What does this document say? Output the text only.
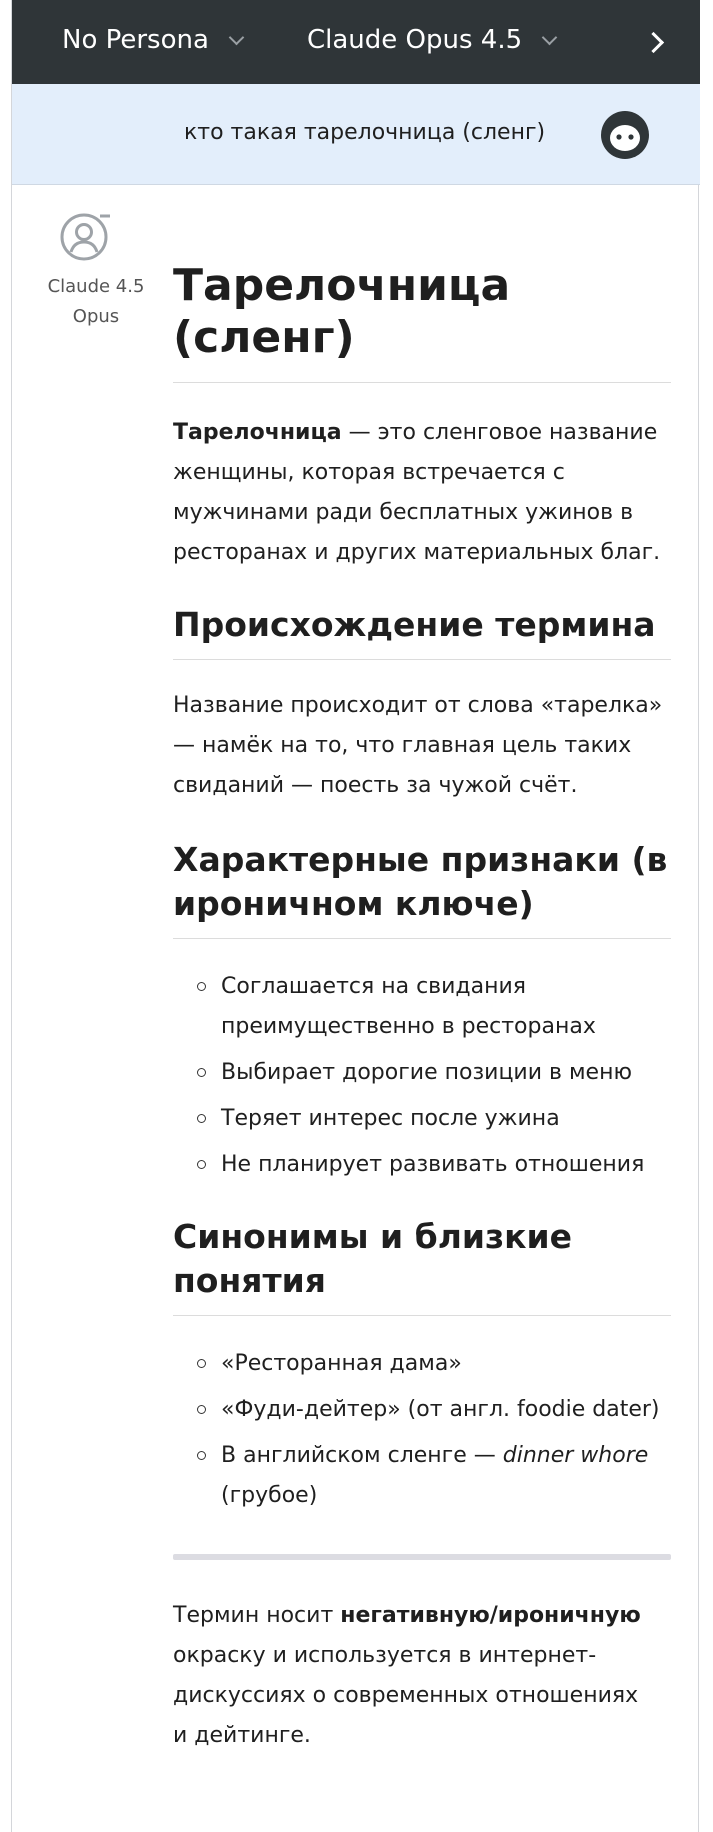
No Persona	Claude Opus 4.5
кто такая тарелочница (сленг)
Claude 4.5
Opus
Тарелочница
(сленг)

Тарелочница — это сленговое название
женщины, которая встречается с
мужчинами ради бесплатных ужинов в
ресторанах и других материальных благ.

Происхождение термина

Название происходит от слова «тарелка»
— намёк на то, что главная цель таких
свиданий — поесть за чужой счёт.

Характерные признаки (в
ироничном ключе)
Соглашается на свидания
преимущественно в ресторанах
Выбирает дорогие позиции в меню
Теряет интерес после ужина
Не планирует развивать отношения
Синонимы и близкие
понятия
«Ресторанная дама»
«Фуди-дейтер» (от англ. foodie dater)
В английском сленге — dinner whore
(грубое)

Термин носит негативную/ироничную
окраску и используется в интернет-
дискуссиях о современных отношениях
и дейтинге.
